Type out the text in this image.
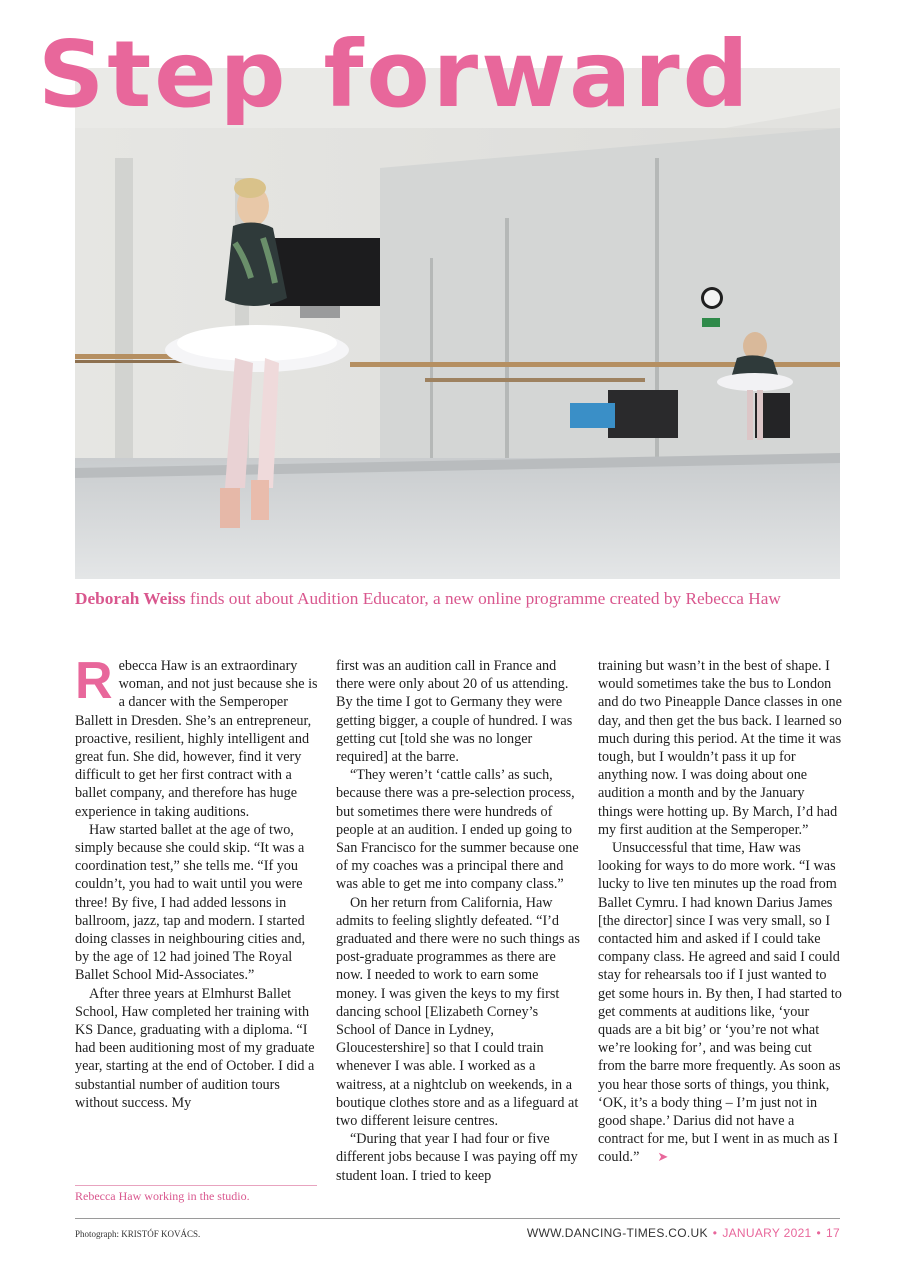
Step forward
Deborah Weiss finds out about Audition Educator, a new online programme created by Rebecca Haw

Rebecca Haw is an extraordinary woman, and not just because she is a dancer with the Semperoper Ballett in Dresden. She’s an entrepreneur, proactive, resilient, highly intelligent and great fun. She did, however, find it very difficult to get her first contract with a ballet company, and therefore has huge experience in taking auditions.

Haw started ballet at the age of two, simply because she could skip. “It was a coordination test,” she tells me. “If you couldn’t, you had to wait until you were three! By five, I had added lessons in ballroom, jazz, tap and modern. I started doing classes in neighbouring cities and, by the age of 12 had joined The Royal Ballet School Mid-Associates.”

After three years at Elmhurst Ballet School, Haw completed her training with KS Dance, graduating with a diploma. “I had been auditioning most of my graduate year, starting at the end of October. I did a substantial number of audition tours without success. My

first was an audition call in France and there were only about 20 of us attending. By the time I got to Germany they were getting bigger, a couple of hundred. I was getting cut [told she was no longer required] at the barre.

“They weren’t ‘cattle calls’ as such, because there was a pre-selection process, but sometimes there were hundreds of people at an audition. I ended up going to San Francisco for the summer because one of my coaches was a principal there and was able to get me into company class.”

On her return from California, Haw admits to feeling slightly defeated. “I’d graduated and there were no such things as post-graduate programmes as there are now. I needed to work to earn some money. I was given the keys to my first dancing school [Elizabeth Corney’s School of Dance in Lydney, Gloucestershire] so that I could train whenever I was able. I worked as a waitress, at a nightclub on weekends, in a boutique clothes store and as a lifeguard at two different leisure centres.

“During that year I had four or five different jobs because I was paying off my student loan. I tried to keep

training but wasn’t in the best of shape. I would sometimes take the bus to London and do two Pineapple Dance classes in one day, and then get the bus back. I learned so much during this period. At the time it was tough, but I wouldn’t pass it up for anything now. I was doing about one audition a month and by the January things were hotting up. By March, I’d had my first audition at the Semperoper.”

Unsuccessful that time, Haw was looking for ways to do more work. “I was lucky to live ten minutes up the road from Ballet Cymru. I had known Darius James [the director] since I was very small, so I contacted him and asked if I could take company class. He agreed and said I could stay for rehearsals too if I just wanted to get some hours in. By then, I had started to get comments at auditions like, ‘your quads are a bit big’ or ‘you’re not what we’re looking for’, and was being cut from the barre more frequently. As soon as you hear those sorts of things, you think, ‘OK, it’s a body thing – I’m just not in good shape.’ Darius did not have a contract for me, but I went in as much as I could.” ➤

Rebecca Haw working in the studio.
Photograph: KRISTÓF KOVÁCS.	WWW.DANCING-TIMES.CO.UK • JANUARY 2021 • 17
